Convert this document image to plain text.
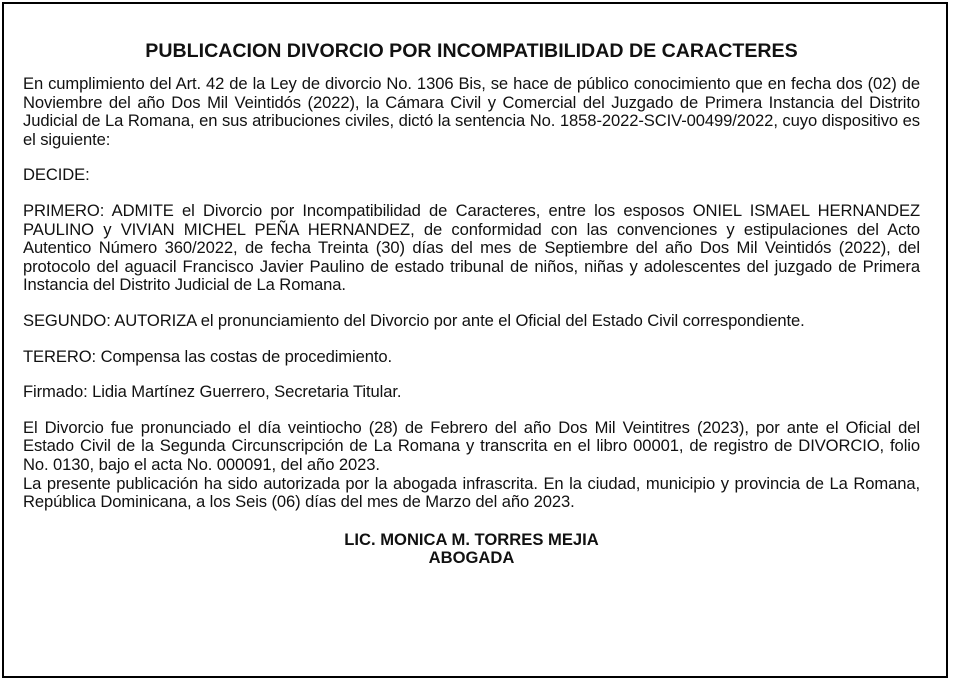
PUBLICACION DIVORCIO POR INCOMPATIBILIDAD DE CARACTERES

En cumplimiento del Art. 42 de la Ley de divorcio No. 1306 Bis, se hace de público conocimiento que en fecha dos (02) de Noviembre del año Dos Mil Veintidós (2022), la Cámara Civil y Comercial del Juzgado de Primera Instancia del Distrito Judicial de La Romana, en sus atribuciones civiles, dictó la sentencia No. 1858-2022-SCIV-00499/2022, cuyo dispositivo es el siguiente:

DECIDE:

PRIMERO: ADMITE el Divorcio por Incompatibilidad de Caracteres, entre los esposos ONIEL ISMAEL HERNANDEZ PAULINO y VIVIAN MICHEL PEÑA HERNANDEZ, de conformidad con las convenciones y estipulaciones del Acto Autentico Número 360/2022, de fecha Treinta (30) días del mes de Septiembre del año Dos Mil Veintidós (2022), del protocolo del aguacil Francisco Javier Paulino de estado tribunal de niños, niñas y adolescentes del juzgado de Primera Instancia del Distrito Judicial de La Romana.

SEGUNDO: AUTORIZA el pronunciamiento del Divorcio por ante el Oficial del Estado Civil correspondiente.

TERERO: Compensa las costas de procedimiento.

Firmado: Lidia Martínez Guerrero, Secretaria Titular.

El Divorcio fue pronunciado el día veintiocho (28) de Febrero del año Dos Mil Veintitres (2023), por ante el Oficial del Estado Civil de la Segunda Circunscripción de La Romana y transcrita en el libro 00001, de registro de DIVORCIO, folio No. 0130, bajo el acta No. 000091, del año 2023.

La presente publicación ha sido autorizada por la abogada infrascrita. En la ciudad, municipio y provincia de La Romana, República Dominicana, a los Seis (06) días del mes de Marzo del año 2023.

LIC. MONICA M. TORRES MEJIA
ABOGADA
